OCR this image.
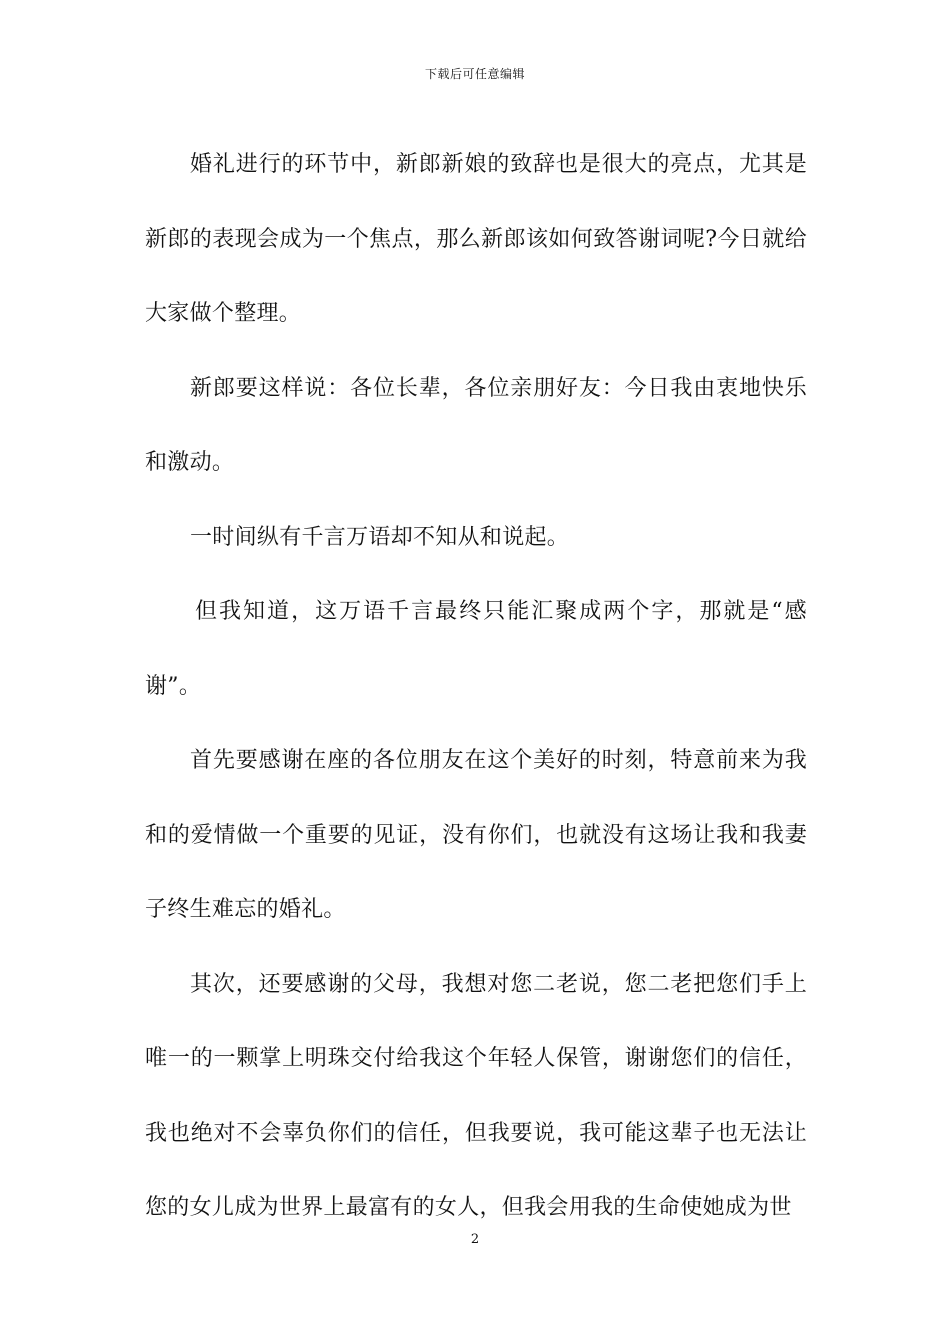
下载后可任意编辑

婚礼进行的环节中，新郎新娘的致辞也是很大的亮点，尤其是新郎的表现会成为一个焦点，那么新郎该如何致答谢词呢?今日就给大家做个整理。

新郎要这样说：各位长辈，各位亲朋好友：今日我由衷地快乐和激动。

一时间纵有千言万语却不知从和说起。

但我知道，这万语千言最终只能汇聚成两个字，那就是“感谢”。

首先要感谢在座的各位朋友在这个美好的时刻，特意前来为我和的爱情做一个重要的见证，没有你们，也就没有这场让我和我妻子终生难忘的婚礼。

其次，还要感谢的父母，我想对您二老说，您二老把您们手上唯一的一颗掌上明珠交付给我这个年轻人保管，谢谢您们的信任，我也绝对不会辜负你们的信任，但我要说，我可能这辈子也无法让您的女儿成为世界上最富有的女人，但我会用我的生命使她成为世

2
